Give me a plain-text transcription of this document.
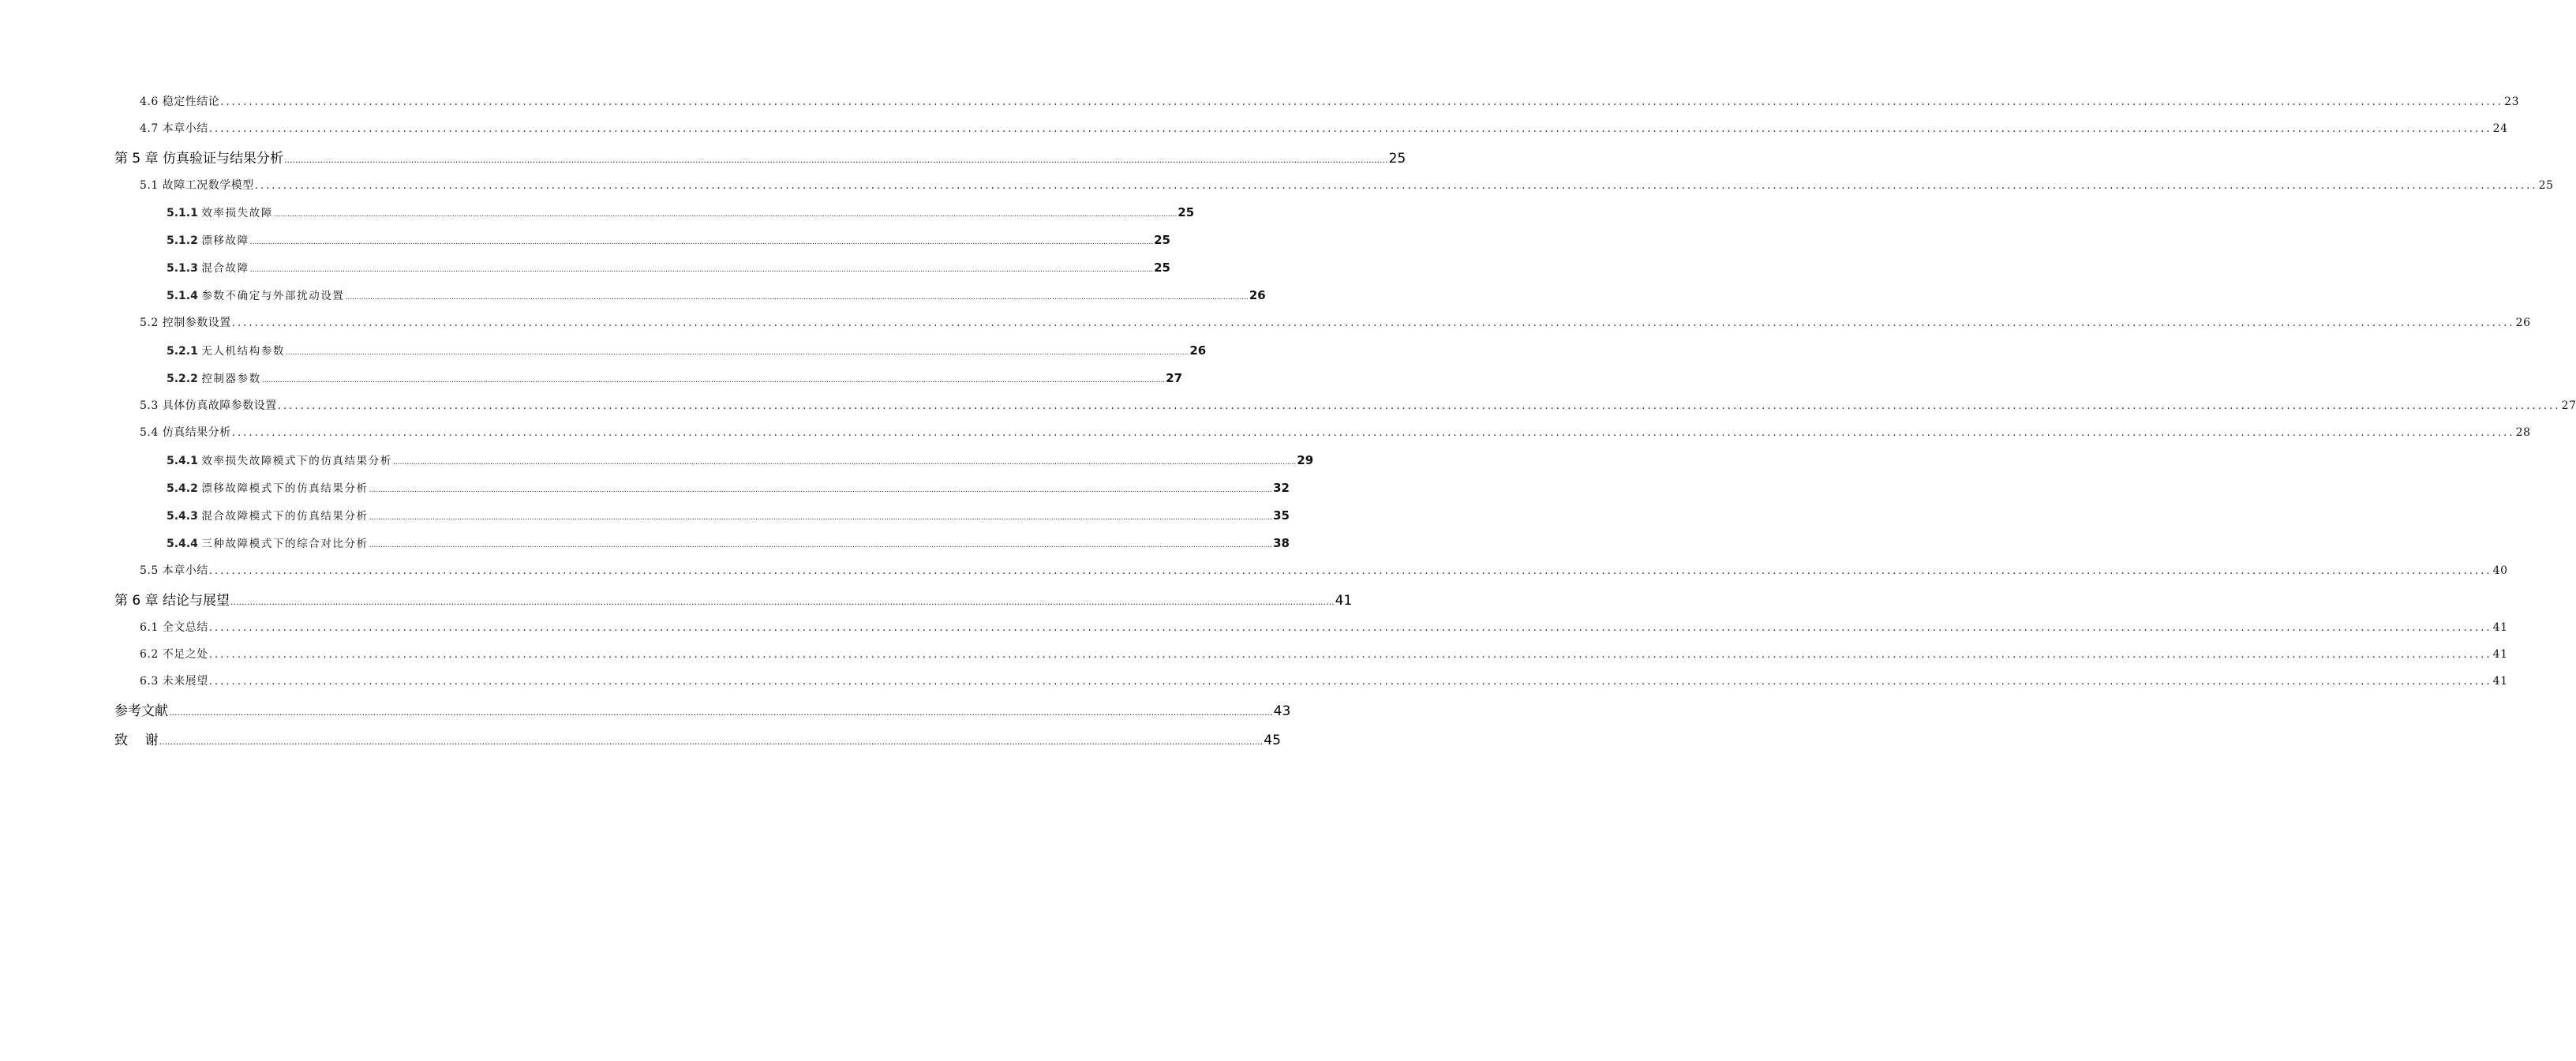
4.6 稳定性结论 ................................................................................................................................................................................................................................................................................................................................................................................................................ 23
4.7 本章小结 ................................................................................................................................................................................................................................................................................................................................................................................................................ 24
第 5 章 仿真验证与结果分析 ................................................................................................................................................................................................................................................................................................................................................................................................................ 25
5.1 故障工况数学模型 ................................................................................................................................................................................................................................................................................................................................................................................................................ 25
5.1.1 效率损失故障 ................................................................................................................................................................................................................................................................................................................................................................................................................ 25
5.1.2 漂移故障 ................................................................................................................................................................................................................................................................................................................................................................................................................ 25
5.1.3 混合故障 ................................................................................................................................................................................................................................................................................................................................................................................................................ 25
5.1.4 参数不确定与外部扰动设置 ................................................................................................................................................................................................................................................................................................................................................................................................................ 26
5.2 控制参数设置 ................................................................................................................................................................................................................................................................................................................................................................................................................ 26
5.2.1 无人机结构参数 ................................................................................................................................................................................................................................................................................................................................................................................................................ 26
5.2.2 控制器参数 ................................................................................................................................................................................................................................................................................................................................................................................................................ 27
5.3 具体仿真故障参数设置 ................................................................................................................................................................................................................................................................................................................................................................................................................ 27
5.4 仿真结果分析 ................................................................................................................................................................................................................................................................................................................................................................................................................ 28
5.4.1 效率损失故障模式下的仿真结果分析 ................................................................................................................................................................................................................................................................................................................................................................................................................ 29
5.4.2 漂移故障模式下的仿真结果分析 ................................................................................................................................................................................................................................................................................................................................................................................................................ 32
5.4.3 混合故障模式下的仿真结果分析 ................................................................................................................................................................................................................................................................................................................................................................................................................ 35
5.4.4 三种故障模式下的综合对比分析 ................................................................................................................................................................................................................................................................................................................................................................................................................ 38
5.5 本章小结 ................................................................................................................................................................................................................................................................................................................................................................................................................ 40
第 6 章 结论与展望 ................................................................................................................................................................................................................................................................................................................................................................................................................ 41
6.1 全文总结 ................................................................................................................................................................................................................................................................................................................................................................................................................ 41
6.2 不足之处 ................................................................................................................................................................................................................................................................................................................................................................................................................ 41
6.3 未来展望 ................................................................................................................................................................................................................................................................................................................................................................................................................ 41
参考文献 ................................................................................................................................................................................................................................................................................................................................................................................................................ 43
致    谢 ................................................................................................................................................................................................................................................................................................................................................................................................................ 45
